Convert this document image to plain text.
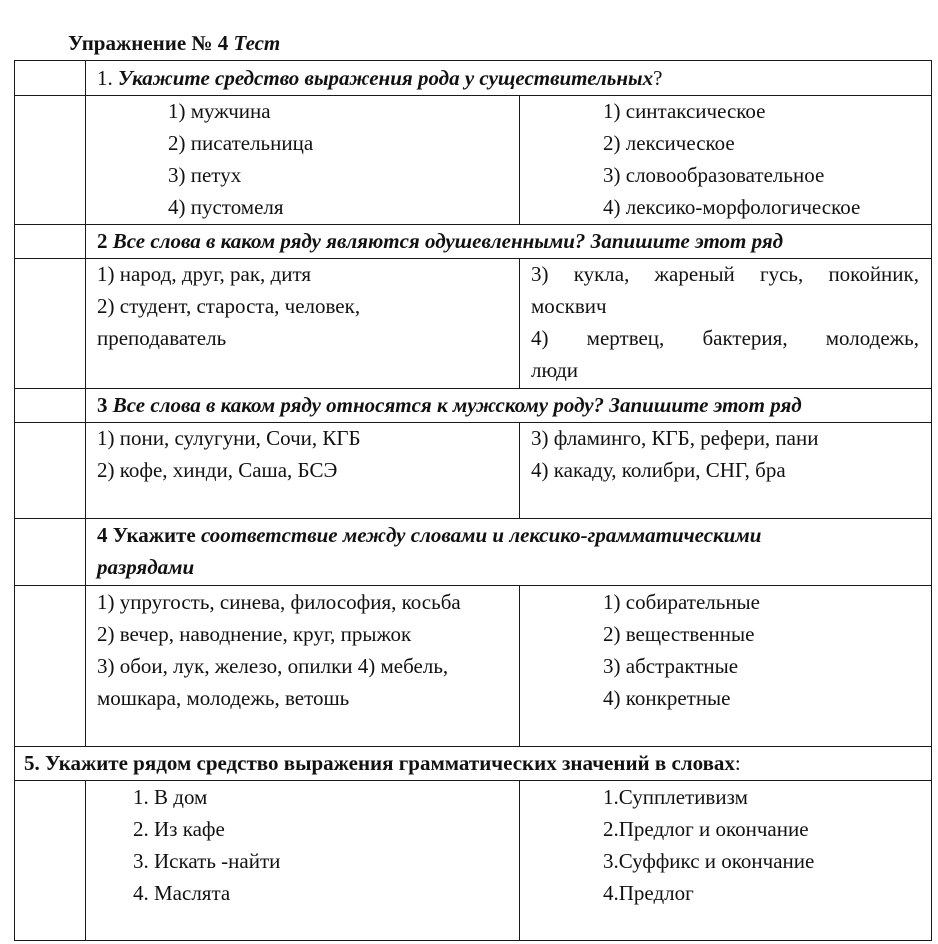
Упражнение № 4 Тест
1. Укажите средство выражения рода у существительных?
1) мужчина
2) писательница
3) петух
4) пустомеля
1) синтаксическое
2) лексическое
3) словообразовательное
4) лексико-морфологическое
2 Все слова в каком ряду являются одушевленными? Запишите этот ряд
1) народ, друг, рак, дитя
2) студент, староста, человек,
преподаватель
3) кукла, жареный гусь, покойник,
москвич
4) мертвец, бактерия, молодежь,
люди
3 Все слова в каком ряду относятся к мужскому роду? Запишите этот ряд
1) пони, сулугуни, Сочи, КГБ
2) кофе, хинди, Саша, БСЭ
3) фламинго, КГБ, рефери, пани
4) какаду, колибри, СНГ, бра
4 Укажите соответствие между словами и лексико-грамматическими
разрядами
1) упругость, синева, философия, косьба
2) вечер, наводнение, круг, прыжок
3) обои, лук, железо, опилки 4) мебель,
мошкара, молодежь, ветошь
1) собирательные
2) вещественные
3) абстрактные
4) конкретные
5. Укажите рядом средство выражения грамматических значений в словах:
1. В дом
2. Из кафе
3. Искать -найти
4. Маслята
1.Супплетивизм
2.Предлог и окончание
3.Суффикс и окончание
4.Предлог
